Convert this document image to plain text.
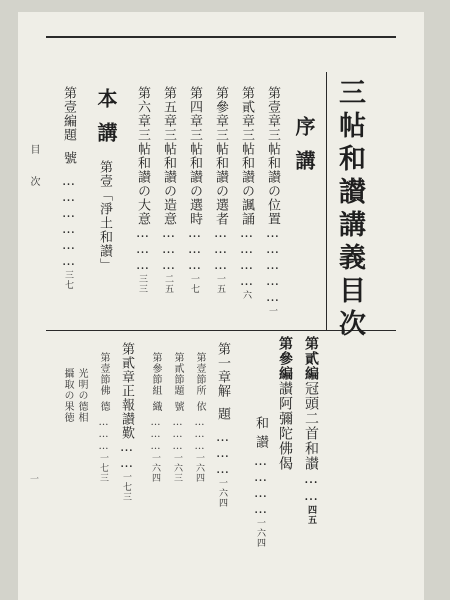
目次
一
三帖和讃講義目次
序講
第壹章三帖和讃の位置……………一
第貳章三帖和讃の諷誦…………六
第參章三帖和讃の選者………一五
第四章三帖和讃の選時………一七
第五章三帖和讃の造意………二五
第六章三帖和讃の大意………三三
本講
第壹「淨土和讃」
第壹編題號………………三七
第貳編冠頭二首和讃……四五
第參編讃阿彌陀佛偈
和讃…………一六四
第一章解題………一六四
第壹節所依………一六四
第貳節題號………一六三
第參節組織………一六四
第貳章正報讃歎……一七三
第壹節佛德………一七三
光明の德相
攝取の果徳
